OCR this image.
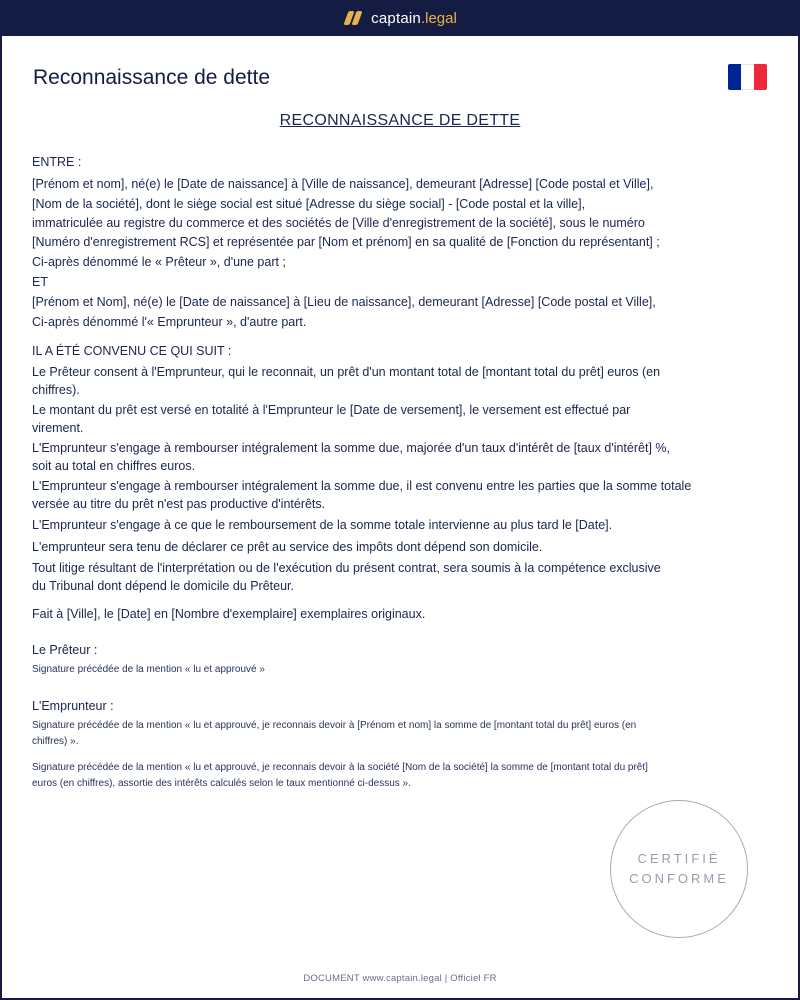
captain .legal
Reconnaissance de dette
RECONNAISSANCE DE DETTE

ENTRE :

[Prénom et nom], né(e) le [Date de naissance] à [Ville de naissance], demeurant [Adresse] [Code postal et Ville],

[Nom de la société], dont le siège social est situé [Adresse du siège social] - [Code postal et la ville],

immatriculée au registre du commerce et des sociétés de [Ville d'enregistrement de la société], sous le numéro

[Numéro d'enregistrement RCS] et représentée par [Nom et prénom] en sa qualité de [Fonction du représentant] ;

Ci-après dénommé le « Prêteur », d'une part ;

ET

[Prénom et Nom], né(e) le [Date de naissance] à [Lieu de naissance], demeurant [Adresse] [Code postal et Ville],

Ci-après dénommé l'« Emprunteur », d'autre part.

IL A ÉTÉ CONVENU CE QUI SUIT :

Le Prêteur consent à l'Emprunteur, qui le reconnait, un prêt d'un montant total de [montant total du prêt] euros (en

chiffres).

Le montant du prêt est versé en totalité à l'Emprunteur le [Date de versement], le versement est effectué par

virement.

L'Emprunteur s'engage à rembourser intégralement la somme due, majorée d'un taux d'intérêt de [taux d'intérêt] %,

soit au total en chiffres euros.

L'Emprunteur s'engage à rembourser intégralement la somme due, il est convenu entre les parties que la somme totale

versée au titre du prêt n'est pas productive d'intérêts.

L'Emprunteur s'engage à ce que le remboursement de la somme totale intervienne au plus tard le [Date].

L'emprunteur sera tenu de déclarer ce prêt au service des impôts dont dépend son domicile.

Tout litige résultant de l'interprétation ou de l'exécution du présent contrat, sera soumis à la compétence exclusive

du Tribunal dont dépend le domicile du Prêteur.

Fait à [Ville], le [Date] en [Nombre d'exemplaire] exemplaires originaux.

Le Prêteur :

Signature précédée de la mention « lu et approuvé »

L'Emprunteur :

Signature précédée de la mention « lu et approuvé, je reconnais devoir à [Prénom et nom] la somme de [montant total du prêt] euros (en

chiffres) ».

Signature précédée de la mention « lu et approuvé, je reconnais devoir à la société [Nom de la société] la somme de [montant total du prêt]

euros (en chiffres), assortie des intérêts calculés selon le taux mentionné ci-dessus ».

CERTIFIÉ
CONFORME
DOCUMENT www.captain.legal | Officiel FR
